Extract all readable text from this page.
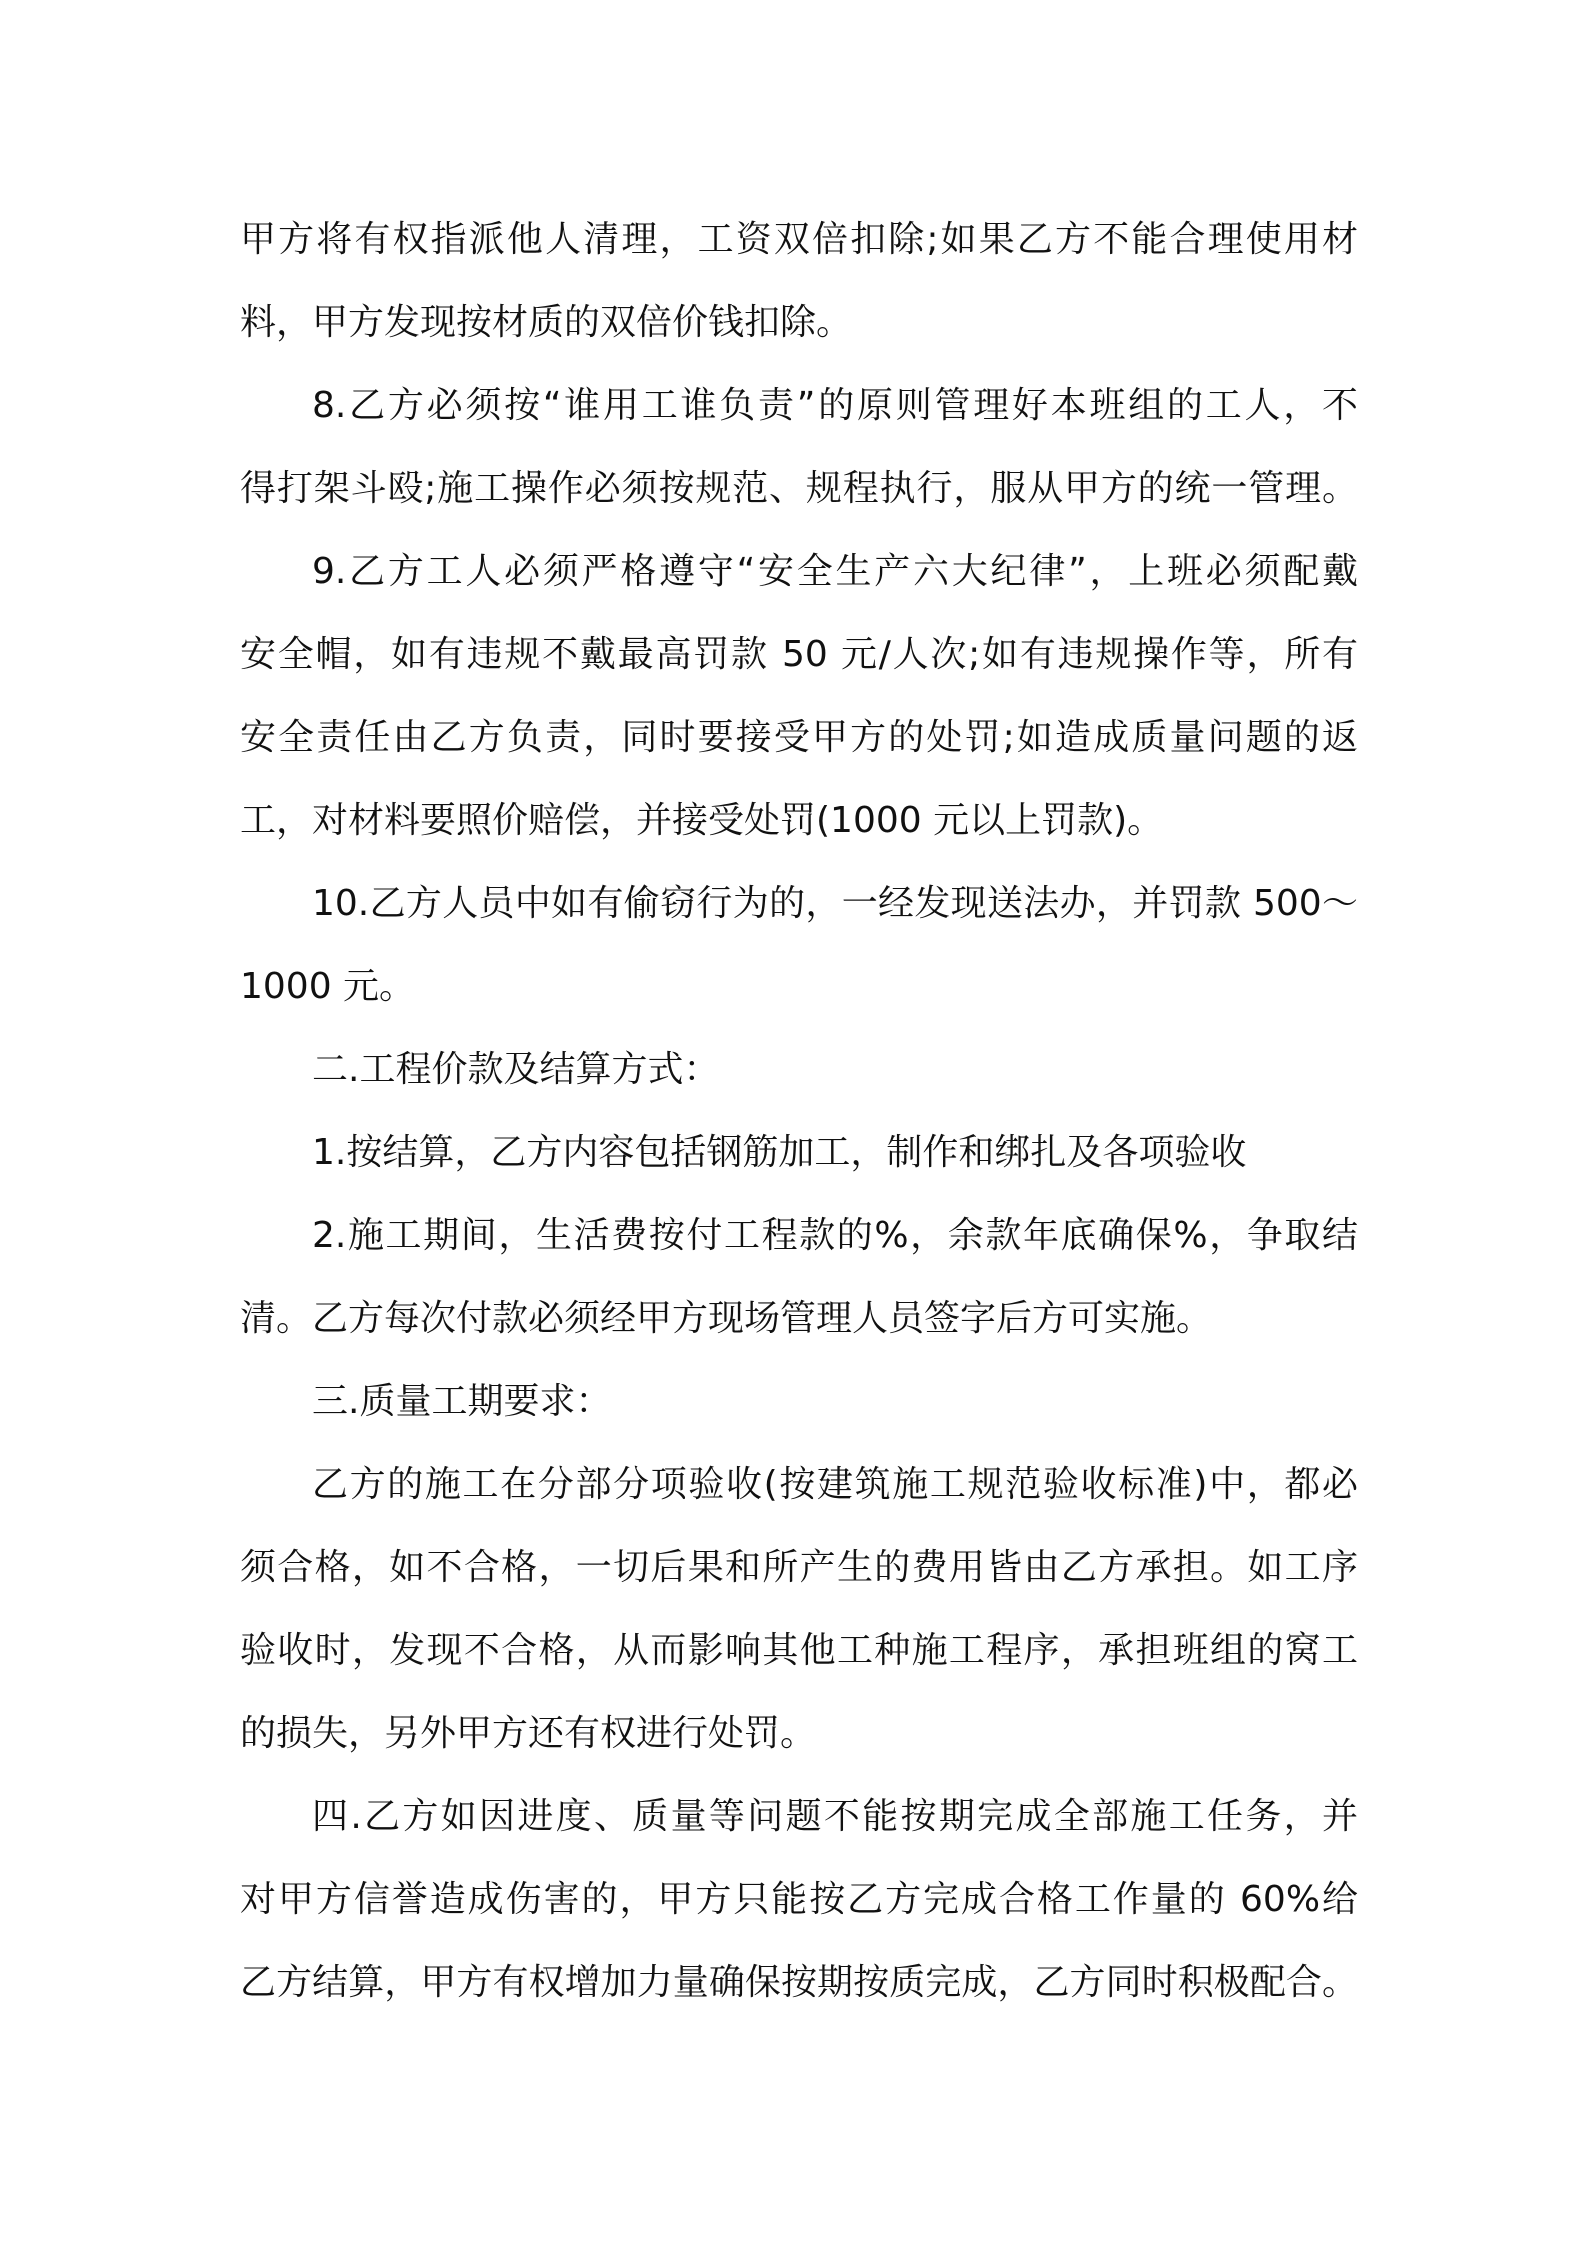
甲方将有权指派他人清理，工资双倍扣除;如果乙方不能合理使用材
料，甲方发现按材质的双倍价钱扣除。
8.乙方必须按“谁用工谁负责”的原则管理好本班组的工人，不
得打架斗殴;施工操作必须按规范、规程执行，服从甲方的统一管理。
9.乙方工人必须严格遵守“安全生产六大纪律”，上班必须配戴
安全帽，如有违规不戴最高罚款 50 元/人次;如有违规操作等，所有
安全责任由乙方负责，同时要接受甲方的处罚;如造成质量问题的返
工，对材料要照价赔偿，并接受处罚(1000 元以上罚款)。
10.乙方人员中如有偷窃行为的，一经发现送法办，并罚款 500～
1000 元。
二.工程价款及结算方式：
1.按结算，乙方内容包括钢筋加工，制作和绑扎及各项验收
2.施工期间，生活费按付工程款的%，余款年底确保%，争取结
清。乙方每次付款必须经甲方现场管理人员签字后方可实施。
三.质量工期要求：
乙方的施工在分部分项验收(按建筑施工规范验收标准)中，都必
须合格，如不合格，一切后果和所产生的费用皆由乙方承担。如工序
验收时，发现不合格，从而影响其他工种施工程序，承担班组的窝工
的损失，另外甲方还有权进行处罚。
四.乙方如因进度、质量等问题不能按期完成全部施工任务，并
对甲方信誉造成伤害的，甲方只能按乙方完成合格工作量的 60%给
乙方结算，甲方有权增加力量确保按期按质完成，乙方同时积极配合。
